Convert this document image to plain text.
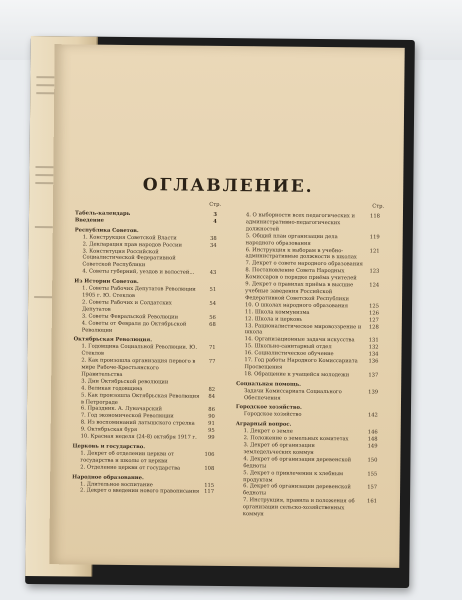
ОГЛАВЛЕНИЕ.
Стр.
Табель-календарь	3
Введение	4
Республика Советов.
1. Конструкция Советской Власти	38
2. Декларация прав народов России	34
3. Конституция Российской Социалистической Федеративной Советской Республики
4. Советы губерний, уездов и волостей...	43
Из Истории Советов.
1. Советы Рабочих Депутатов Революции 1905 г. Ю. Стеклов
51
2. Советы Рабочих и Солдатских Депутатов
54
3. Советы Февральской Революции	56
4. Советы от Февраля до Октябрьской Революции
68
Октябрьская Революция.
1. Годовщина Социальной Революции. Ю. Стеклов
71
2. Как произошла организация первого в мире Рабоче-Крестьянского Правительства
77
3. Дни Октябрьской революции
4. Великая годовщина	82
5. Как произошла Октябрьская Революция в Петрограде
84
6. Праздник. А. Луначарский	86
7. Год экономической Революции	90
8. Из воспоминаний латышского стрелка	91
9. Октябрьская буря	95
10. Красная неделя (24-8) октября 1917 г.	99
Церковь и государство.
1. Декрет об отделении церкви от государства и школы от церкви
106
2. Отделение церкви от государства	108
Народное образование.
1. Длительное воспитание	115
2. Декрет о введении нового правописания 117
Стр.
4. О выборности всех педагогических и административно-педагогических должностей
118
5. Общий план организации дела народного образования
119
6. Инструкция к выборам в учебно-административные должности в школах
121
7. Декрет о совете народного образования
8. Постановление Совета Народных Комиссаров о порядке приёма учителей
123
9. Декрет о правилах приёма в высшие учебные заведения Российской Федеративной Советской Республики
124
10. О школах народного образования	125
11. Школа коммунизма	126
12. Школа и церковь	127
13. Рационалистическое мировоззрение и школа
128
14. Организационные задачи искусства	131
15. Школьно-санитарный отдел	132
16. Социалистическое обучение	134
17. Год работы Народного Комиссариата Просвещения
136
18. Обращение к учащейся молодежи	137
Социальная помощь.
Задачи Комиссариата Социального Обеспечения
139
Городское хозяйство.
Городское хозяйство	142
Аграрный вопрос.
1. Декрет о земле	146
2. Положение о земельных комитетах	148
3. Декрет об организации земледельческих коммун
149
4. Декрет об организации деревенской бедноты
150
5. Декрет о привлечении к хлебным продуктам
155
6. Декрет об организации деревенской бедноты
157
7. Инструкция, правила и положения об организации сельско-хозяйственных коммун
161
